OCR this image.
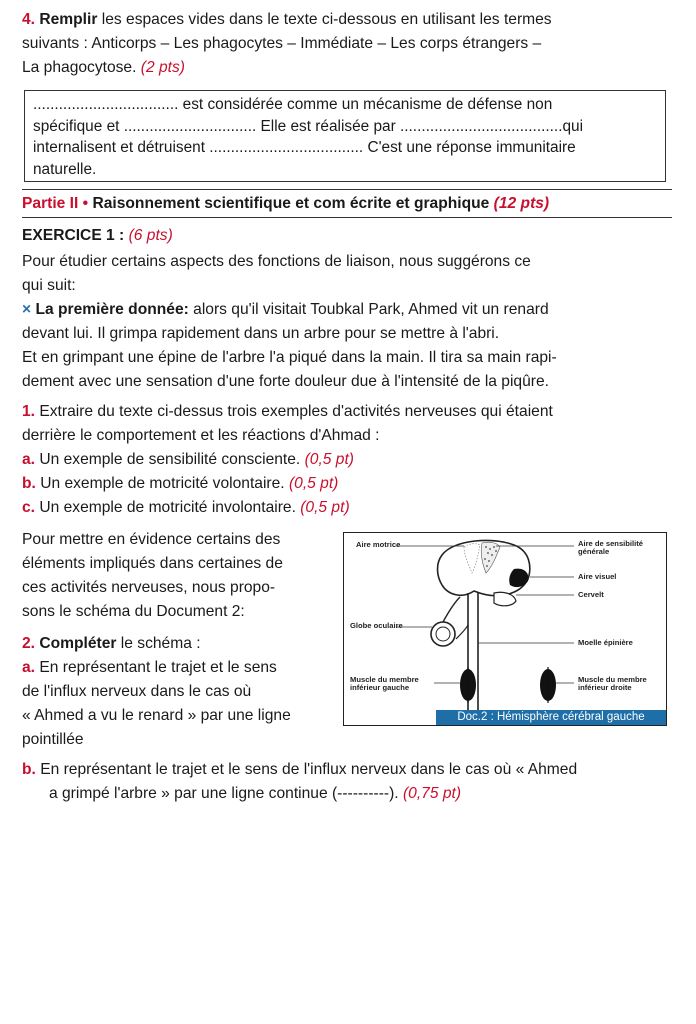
4. Remplir les espaces vides dans le texte ci-dessous en utilisant les termes
suivants : Anticorps – Les phagocytes – Immédiate – Les corps étrangers –
La phagocytose. (2 pts)
.................................. est considérée comme un mécanisme de défense non
spécifique et ............................... Elle est réalisée par ......................................qui
internalisent et détruisent .................................... C'est une réponse immunitaire
naturelle.
Partie II • Raisonnement scientifique et com écrite et graphique (12 pts)
EXERCICE 1 : (6 pts)
Pour étudier certains aspects des fonctions de liaison, nous suggérons ce
qui suit:
× La première donnée: alors qu'il visitait Toubkal Park, Ahmed vit un renard
devant lui. Il grimpa rapidement dans un arbre pour se mettre à l'abri.
Et en grimpant une épine de l'arbre l'a piqué dans la main. Il tira sa main rapi-
dement avec une sensation d'une forte douleur due à l'intensité de la piqûre.
1. Extraire du texte ci-dessus trois exemples d'activités nerveuses qui étaient
derrière le comportement et les réactions d'Ahmad :
a. Un exemple de sensibilité consciente. (0,5 pt)
b. Un exemple de motricité volontaire. (0,5 pt)
c. Un exemple de motricité involontaire. (0,5 pt)
Pour mettre en évidence certains des
éléments impliqués dans certaines de
ces activités nerveuses, nous propo-
sons le schéma du Document 2:
2. Compléter le schéma :
a. En représentant le trajet et le sens
de l'influx nerveux dans le cas où
« Ahmed a vu le renard » par une ligne
pointillée
Aire motrice	Aire de sensibilité
générale
Aire visuel
Cervelt
Globe oculaire
Moelle épinière
Muscle du membre
inférieur gauche
Muscle du membre
inférieur droite
Doc.2 : Hémisphère cérébral gauche
b. En représentant le trajet et le sens de l'influx nerveux dans le cas où « Ahmed
a grimpé l'arbre » par une ligne continue (----------). (0,75 pt)
